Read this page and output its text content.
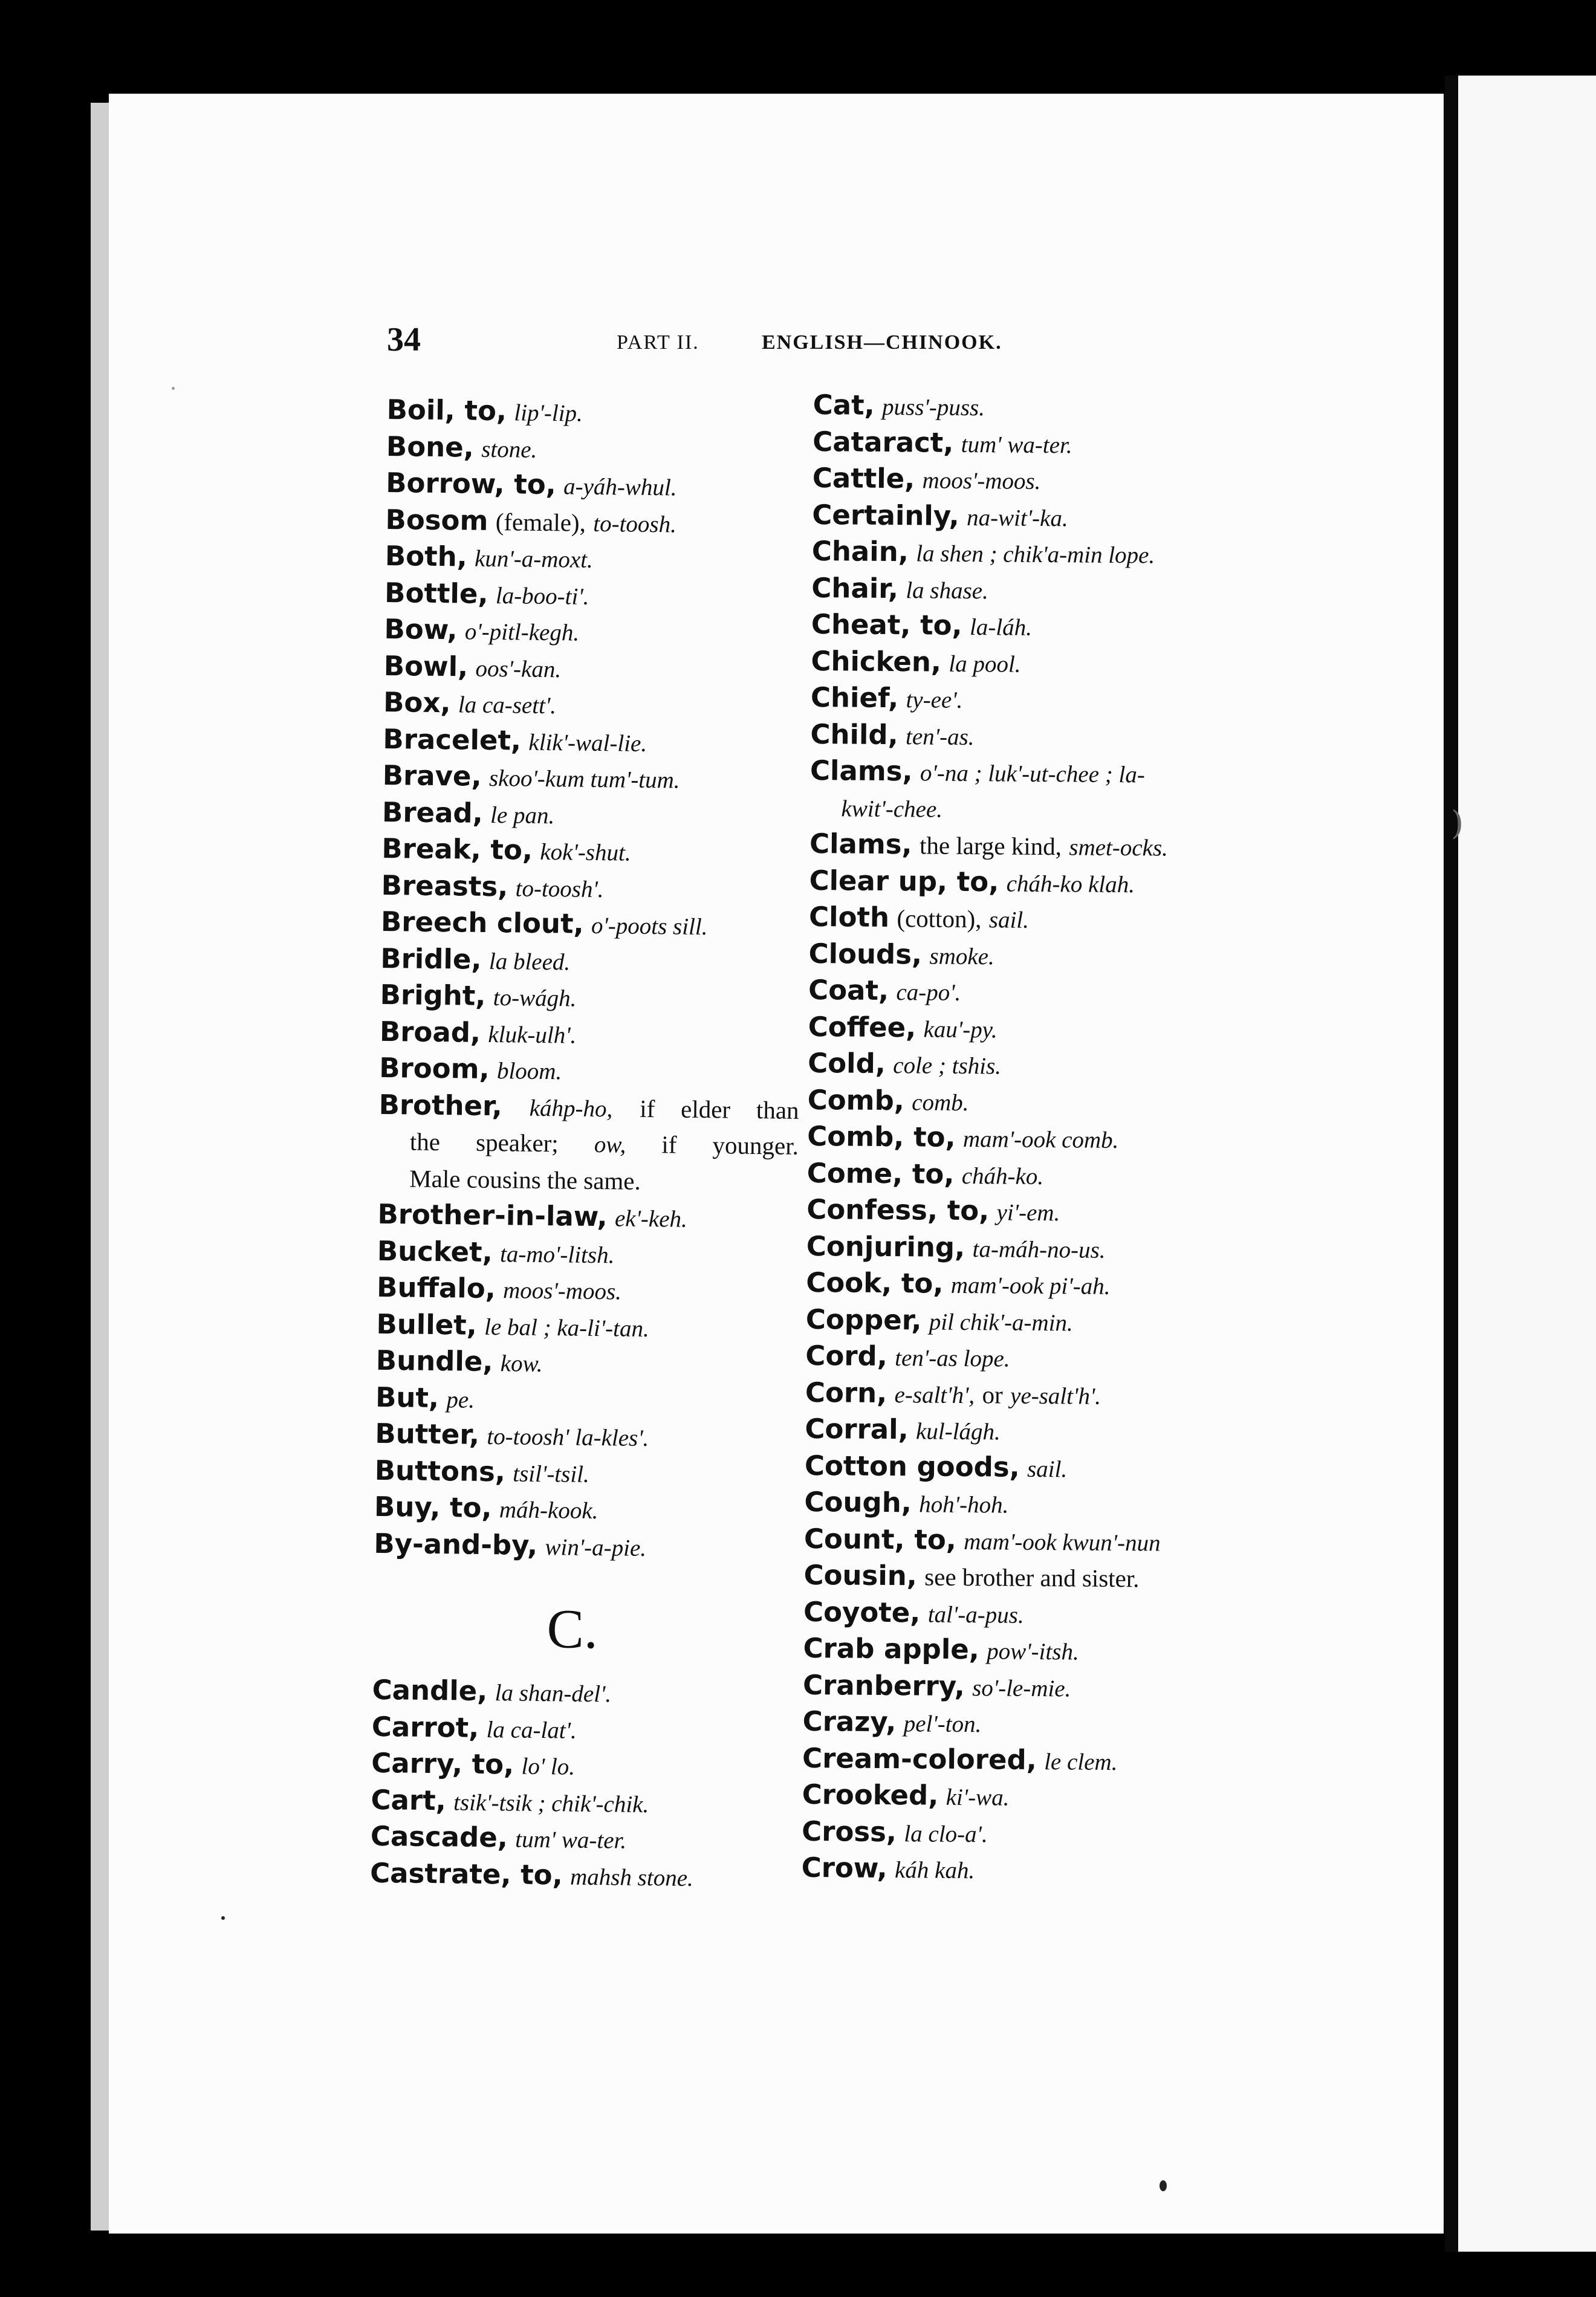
)
34	PART II.	ENGLISH—CHINOOK.
Boil, to, lip'-lip.
Bone, stone.
Borrow, to, a-yáh-whul.
Bosom (female), to-toosh.
Both, kun'-a-moxt.
Bottle, la-boo-ti'.
Bow, o'-pitl-kegh.
Bowl, oos'-kan.
Box, la ca-sett'.
Bracelet, klik'-wal-lie.
Brave, skoo'-kum tum'-tum.
Bread, le pan.
Break, to, kok'-shut.
Breasts, to-toosh'.
Breech clout, o'-poots sill.
Bridle, la bleed.
Bright, to-wágh.
Broad, kluk-ulh'.
Broom, bloom.
Brother, káhp-ho, if elder than
the speaker; ow, if younger.
Male cousins the same.
Brother-in-law, ek'-keh.
Bucket, ta-mo'-litsh.
Buffalo, moos'-moos.
Bullet, le bal ; ka-li'-tan.
Bundle, kow.
But, pe.
Butter, to-toosh' la-kles'.
Buttons, tsil'-tsil.
Buy, to, máh-kook.
By-and-by, win'-a-pie.
C.
Candle, la shan-del'.
Carrot, la ca-lat'.
Carry, to, lo' lo.
Cart, tsik'-tsik ; chik'-chik.
Cascade, tum' wa-ter.
Castrate, to, mahsh stone.
Cat, puss'-puss.
Cataract, tum' wa-ter.
Cattle, moos'-moos.
Certainly, na-wit'-ka.
Chain, la shen ; chik'a-min lope.
Chair, la shase.
Cheat, to, la-láh.
Chicken, la pool.
Chief, ty-ee'.
Child, ten'-as.
Clams, o'-na ; luk'-ut-chee ; la-
kwit'-chee.
Clams, the large kind, smet-ocks.
Clear up, to, cháh-ko klah.
Cloth (cotton), sail.
Clouds, smoke.
Coat, ca-po'.
Coffee, kau'-py.
Cold, cole ; tshis.
Comb, comb.
Comb, to, mam'-ook comb.
Come, to, cháh-ko.
Confess, to, yi'-em.
Conjuring, ta-máh-no-us.
Cook, to, mam'-ook pi'-ah.
Copper, pil chik'-a-min.
Cord, ten'-as lope.
Corn, e-salt'h', or ye-salt'h'.
Corral, kul-lágh.
Cotton goods, sail.
Cough, hoh'-hoh.
Count, to, mam'-ook kwun'-nun
Cousin, see brother and sister.
Coyote, tal'-a-pus.
Crab apple, pow'-itsh.
Cranberry, so'-le-mie.
Crazy, pel'-ton.
Cream-colored, le clem.
Crooked, ki'-wa.
Cross, la clo-a'.
Crow, káh kah.
